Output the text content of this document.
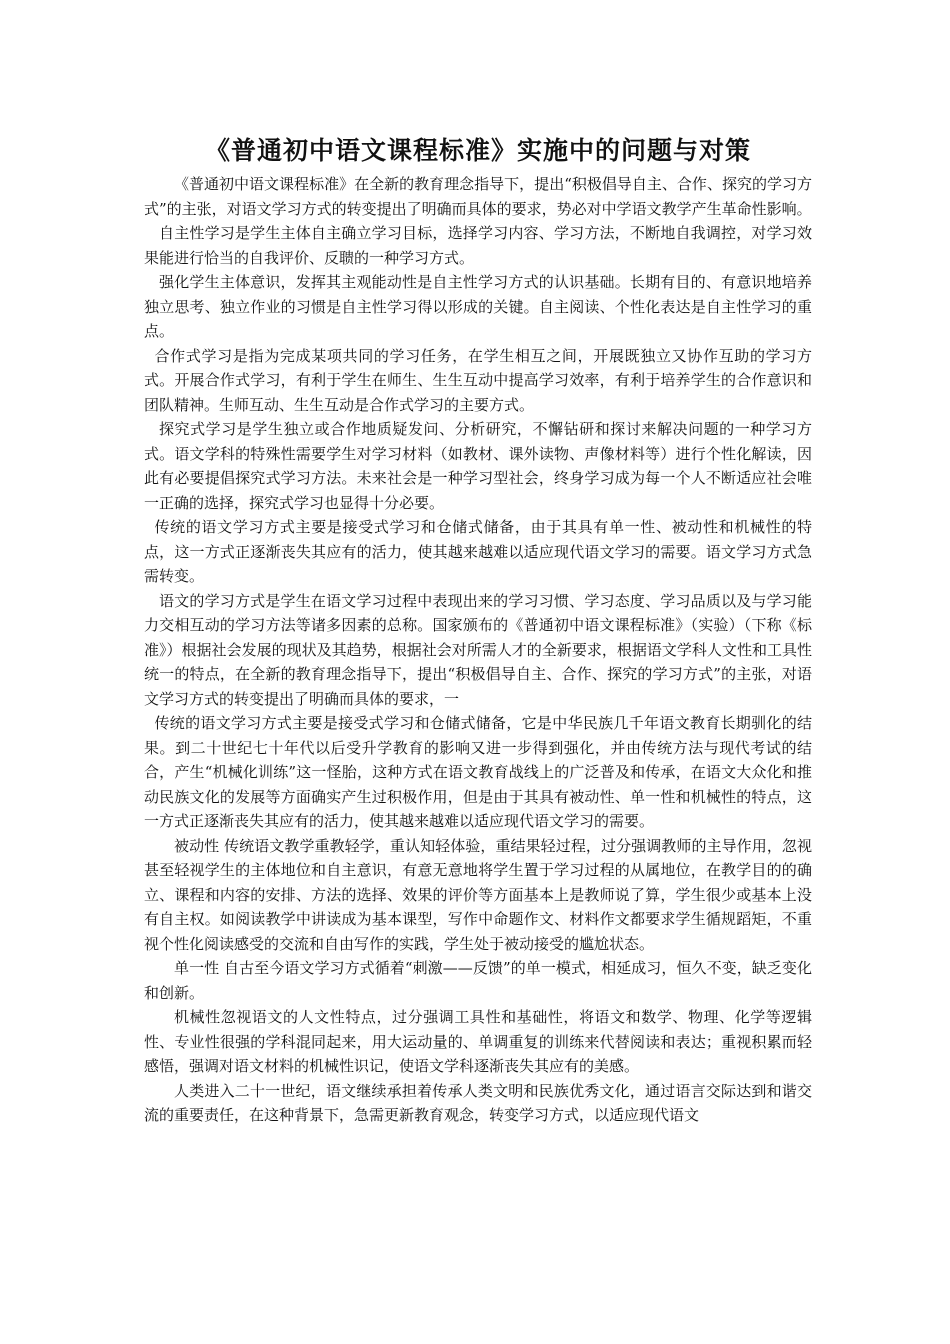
《普通初中语文课程标准》实施中的问题与对策

《普通初中语文课程标准》在全新的教育理念指导下，提出“积极倡导自主、合作、探究的学习方式”的主张，对语文学习方式的转变提出了明确而具体的要求，势必对中学语文教学产生革命性影响。

自主性学习是学生主体自主确立学习目标，选择学习内容、学习方法，不断地自我调控，对学习效果能进行恰当的自我评价、反聩的一种学习方式。

强化学生主体意识，发挥其主观能动性是自主性学习方式的认识基础。长期有目的、有意识地培养独立思考、独立作业的习惯是自主性学习得以形成的关键。自主阅读、个性化表达是自主性学习的重点。

合作式学习是指为完成某项共同的学习任务，在学生相互之间，开展既独立又协作互助的学习方式。开展合作式学习，有利于学生在师生、生生互动中提高学习效率，有利于培养学生的合作意识和团队精神。生师互动、生生互动是合作式学习的主要方式。

探究式学习是学生独立或合作地质疑发问、分析研究，不懈钻研和探讨来解决问题的一种学习方式。语文学科的特殊性需要学生对学习材料（如教材、课外读物、声像材料等）进行个性化解读，因此有必要提倡探究式学习方法。未来社会是一种学习型社会，终身学习成为每一个人不断适应社会唯一正确的选择，探究式学习也显得十分必要。

传统的语文学习方式主要是接受式学习和仓储式储备，由于其具有单一性、被动性和机械性的特点，这一方式正逐渐丧失其应有的活力，使其越来越难以适应现代语文学习的需要。语文学习方式急需转变。

语文的学习方式是学生在语文学习过程中表现出来的学习习惯、学习态度、学习品质以及与学习能力交相互动的学习方法等诸多因素的总称。国家颁布的《普通初中语文课程标准》（实验）（下称《标准》）根据社会发展的现状及其趋势，根据社会对所需人才的全新要求，根据语文学科人文性和工具性统一的特点，在全新的教育理念指导下，提出“积极倡导自主、合作、探究的学习方式”的主张，对语文学习方式的转变提出了明确而具体的要求，一

传统的语文学习方式主要是接受式学习和仓储式储备，它是中华民族几千年语文教育长期驯化的结果。到二十世纪七十年代以后受升学教育的影响又进一步得到强化，并由传统方法与现代考试的结合，产生“机械化训练”这一怪胎，这种方式在语文教育战线上的广泛普及和传承，在语文大众化和推动民族文化的发展等方面确实产生过积极作用，但是由于其具有被动性、单一性和机械性的特点，这一方式正逐渐丧失其应有的活力，使其越来越难以适应现代语文学习的需要。

被动性 传统语文教学重教轻学，重认知轻体验，重结果轻过程，过分强调教师的主导作用，忽视甚至轻视学生的主体地位和自主意识，有意无意地将学生置于学习过程的从属地位，在教学目的的确立、课程和内容的安排、方法的选择、效果的评价等方面基本上是教师说了算，学生很少或基本上没有自主权。如阅读教学中讲读成为基本课型，写作中命题作文、材料作文都要求学生循规蹈矩，不重视个性化阅读感受的交流和自由写作的实践，学生处于被动接受的尴尬状态。

单一性 自古至今语文学习方式循着“刺激——反馈”的单一模式，相延成习，恒久不变，缺乏变化和创新。

机械性忽视语文的人文性特点，过分强调工具性和基础性，将语文和数学、物理、化学等逻辑性、专业性很强的学科混同起来，用大运动量的、单调重复的训练来代替阅读和表达；重视积累而轻感悟，强调对语文材料的机械性识记，使语文学科逐渐丧失其应有的美感。

人类进入二十一世纪，语文继续承担着传承人类文明和民族优秀文化，通过语言交际达到和谐交流的重要责任，在这种背景下，急需更新教育观念，转变学习方式，以适应现代语文
